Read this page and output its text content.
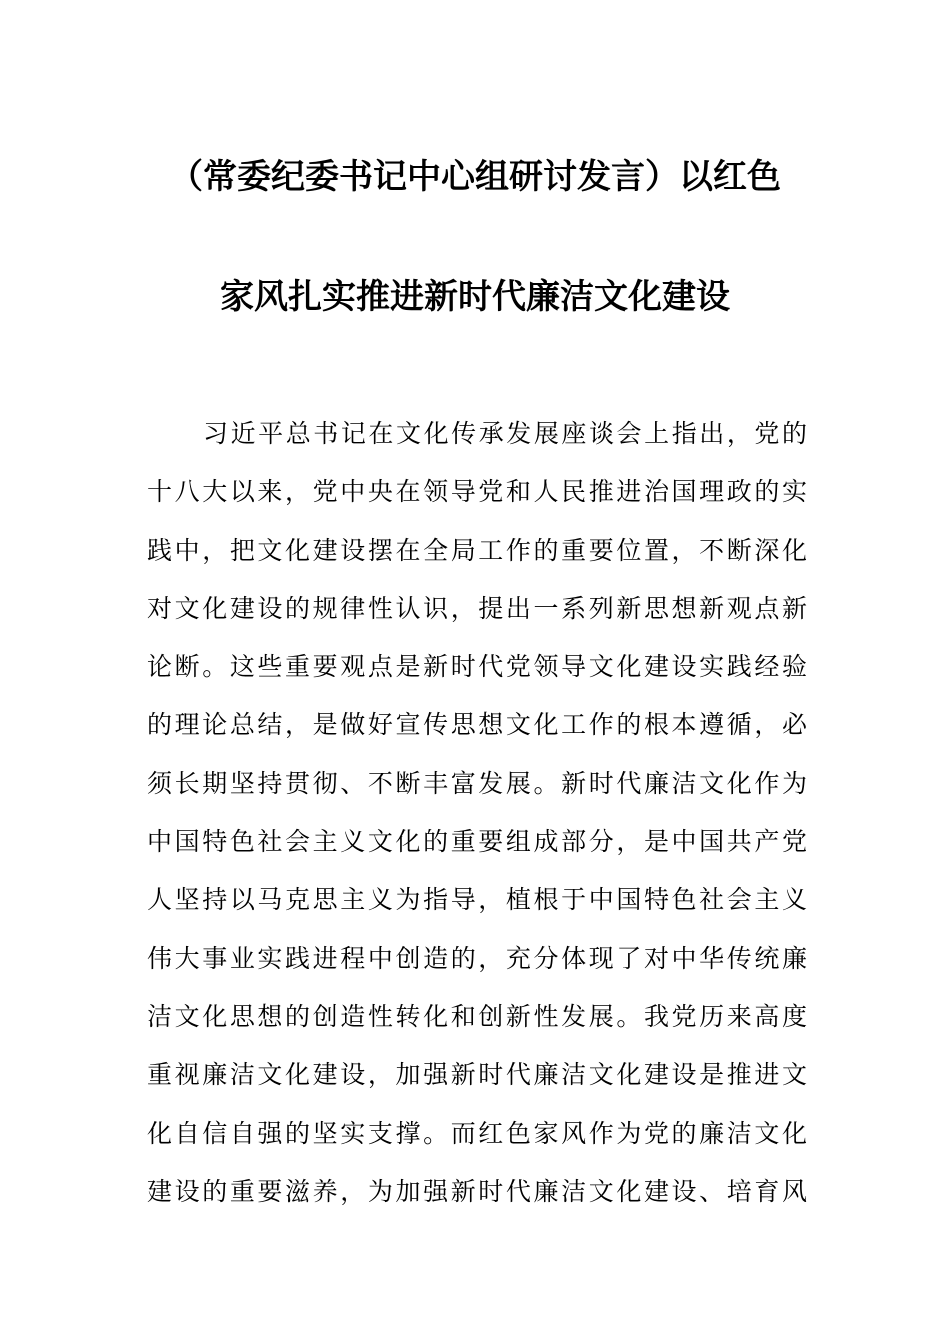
（常委纪委书记中心组研讨发言）以红色
家风扎实推进新时代廉洁文化建设
习近平总书记在文化传承发展座谈会上指出，党的
十八大以来，党中央在领导党和人民推进治国理政的实
践中，把文化建设摆在全局工作的重要位置，不断深化
对文化建设的规律性认识，提出一系列新思想新观点新
论断。这些重要观点是新时代党领导文化建设实践经验
的理论总结，是做好宣传思想文化工作的根本遵循，必
须长期坚持贯彻、不断丰富发展。新时代廉洁文化作为
中国特色社会主义文化的重要组成部分，是中国共产党
人坚持以马克思主义为指导，植根于中国特色社会主义
伟大事业实践进程中创造的，充分体现了对中华传统廉
洁文化思想的创造性转化和创新性发展。我党历来高度
重视廉洁文化建设，加强新时代廉洁文化建设是推进文
化自信自强的坚实支撑。而红色家风作为党的廉洁文化
建设的重要滋养，为加强新时代廉洁文化建设、培育风
